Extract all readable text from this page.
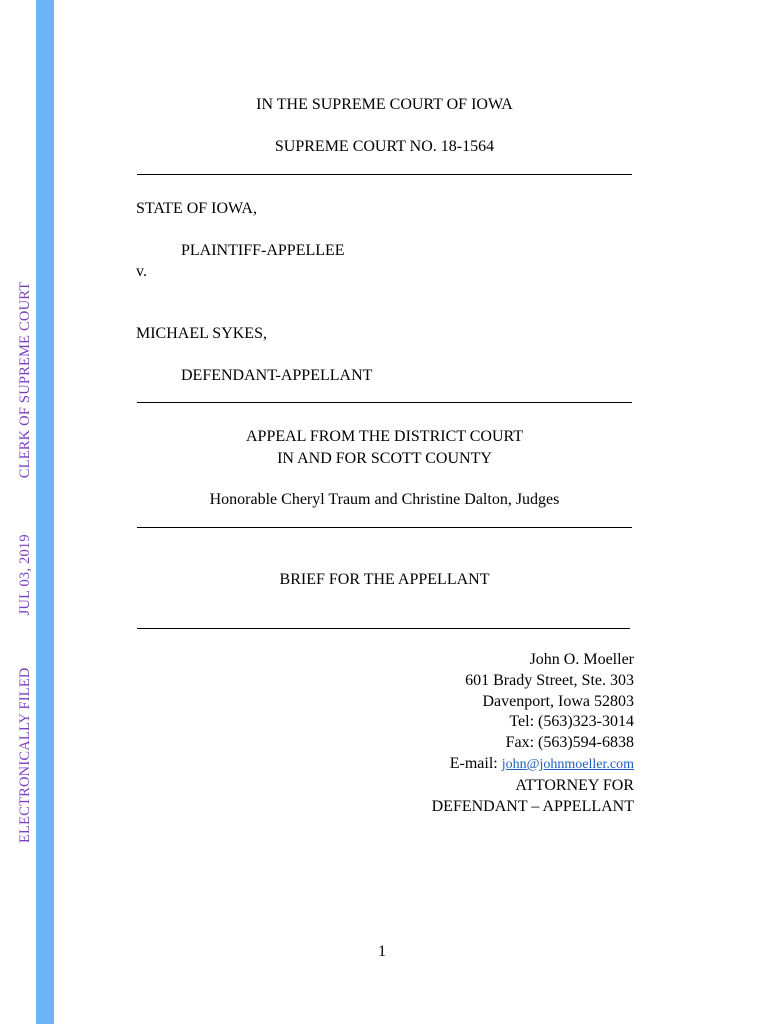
ELECTRONICALLY FILEDJUL 03, 2019CLERK OF SUPREME COURT
IN THE SUPREME COURT OF IOWA
SUPREME COURT NO. 18-1564
STATE OF IOWA,
PLAINTIFF-APPELLEE
v.
MICHAEL SYKES,
DEFENDANT-APPELLANT
APPEAL FROM THE DISTRICT COURT
IN AND FOR SCOTT COUNTY
Honorable Cheryl Traum and Christine Dalton, Judges
BRIEF FOR THE APPELLANT
John O. Moeller
601 Brady Street, Ste. 303
Davenport, Iowa 52803
Tel: (563)323-3014
Fax: (563)594-6838
E-mail: john@johnmoeller.com
ATTORNEY FOR
DEFENDANT – APPELLANT
1
